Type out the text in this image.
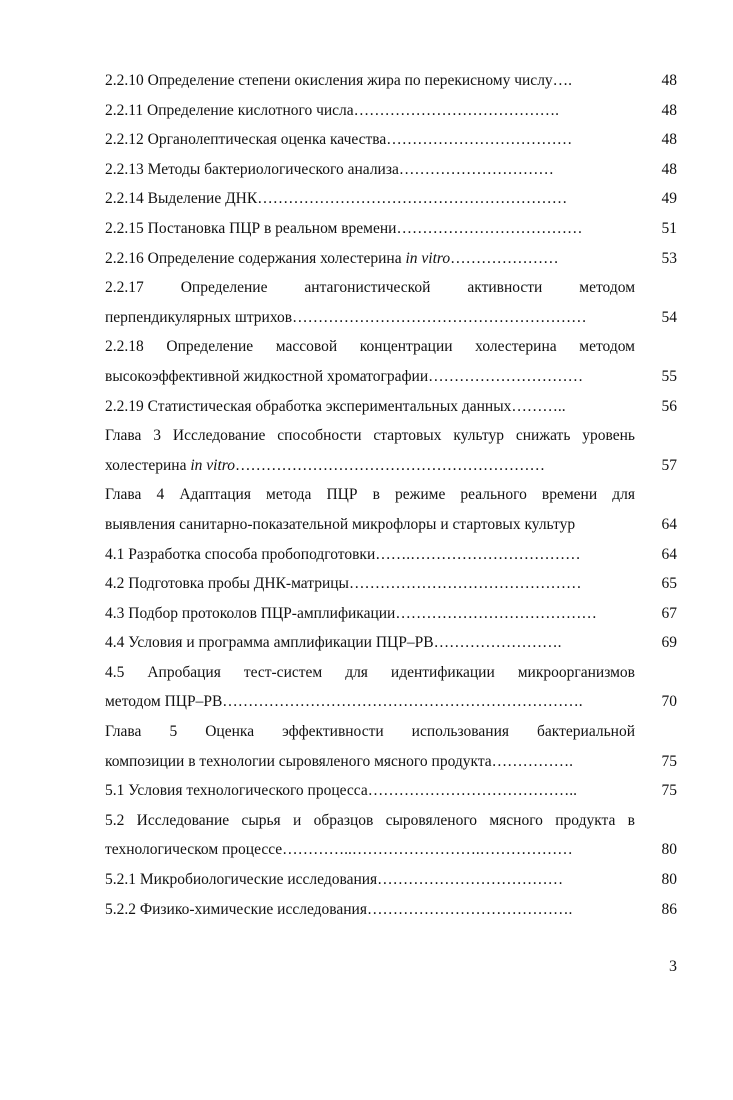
2.2.10 Определение степени окисления жира по перекисному числу….	48
2.2.11 Определение кислотного числа………………………………….	48
2.2.12 Органолептическая оценка качества………………………………	48
2.2.13 Методы бактериологического анализа…………………………	48
2.2.14 Выделение ДНК……………………………………………………	49
2.2.15 Постановка ПЦР в реальном времени………………………………	51
2.2.16 Определение содержания холестерина in vitro…………………	53
2.2.17 Определение антагонистической активности методом
перпендикулярных штрихов…………………………………………………	54
2.2.18 Определение массовой концентрации холестерина методом
высокоэффективной жидкостной хроматографии…………………………	55
2.2.19 Статистическая обработка экспериментальных данных………..	56
Глава 3 Исследование способности стартовых культур снижать уровень
холестерина in vitro……………………………………………………	57
Глава 4 Адаптация метода ПЦР в режиме реального времени для
выявления санитарно-показательной микрофлоры и стартовых культур	64
4.1 Разработка способа пробоподготовки…….……………………………	64
4.2 Подготовка пробы ДНК-матрицы………………………………………	65
4.3 Подбор протоколов ПЦР-амплификации…………………………………	67
4.4 Условия и программа амплификации ПЦР–РВ…………………….	69
4.5 Апробация тест-систем для идентификации микроорганизмов
методом ПЦР–РВ…………………………………………………………….	70
Глава 5 Оценка эффективности использования бактериальной
композиции в технологии сыровяленого мясного продукта…………….	75
5.1 Условия технологического процесса…………………………………..	75
5.2 Исследование сырья и образцов сыровяленого мясного продукта в
технологическом процессе…………..…………………….………………	80
5.2.1 Микробиологические исследования………………………………	80
5.2.2 Физико-химические исследования………………………………….	86
3
